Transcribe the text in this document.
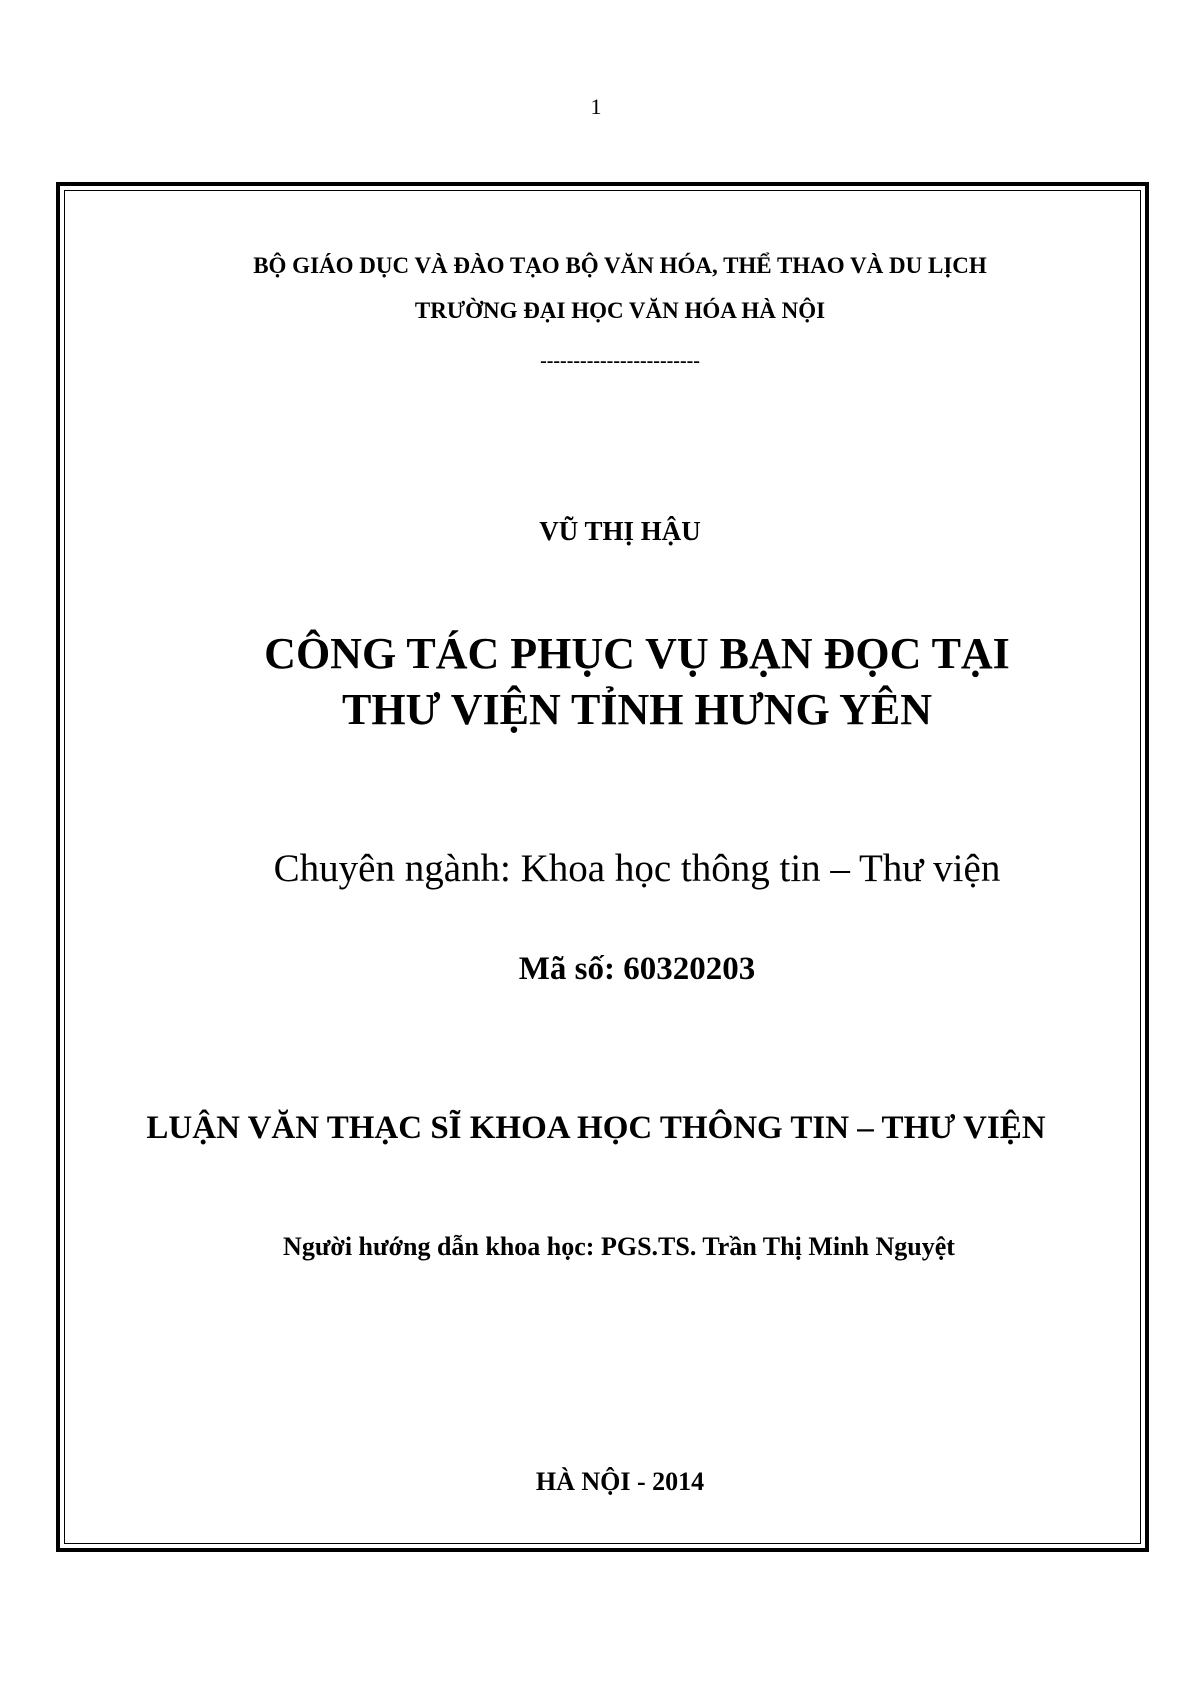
1
BỘ GIÁO DỤC VÀ ĐÀO TẠO BỘ VĂN HÓA, THỂ THAO VÀ DU LỊCH
TRƯỜNG ĐẠI HỌC VĂN HÓA HÀ NỘI
------------------------
VŨ THỊ HẬU
CÔNG TÁC PHỤC VỤ BẠN ĐỌC TẠI
THƯ VIỆN TỈNH HƯNG YÊN
Chuyên ngành: Khoa học thông tin – Thư viện
Mã số: 60320203
LUẬN VĂN THẠC SĨ KHOA HỌC THÔNG TIN – THƯ VIỆN
Người hướng dẫn khoa học: PGS.TS. Trần Thị Minh Nguyệt
HÀ NỘI - 2014
